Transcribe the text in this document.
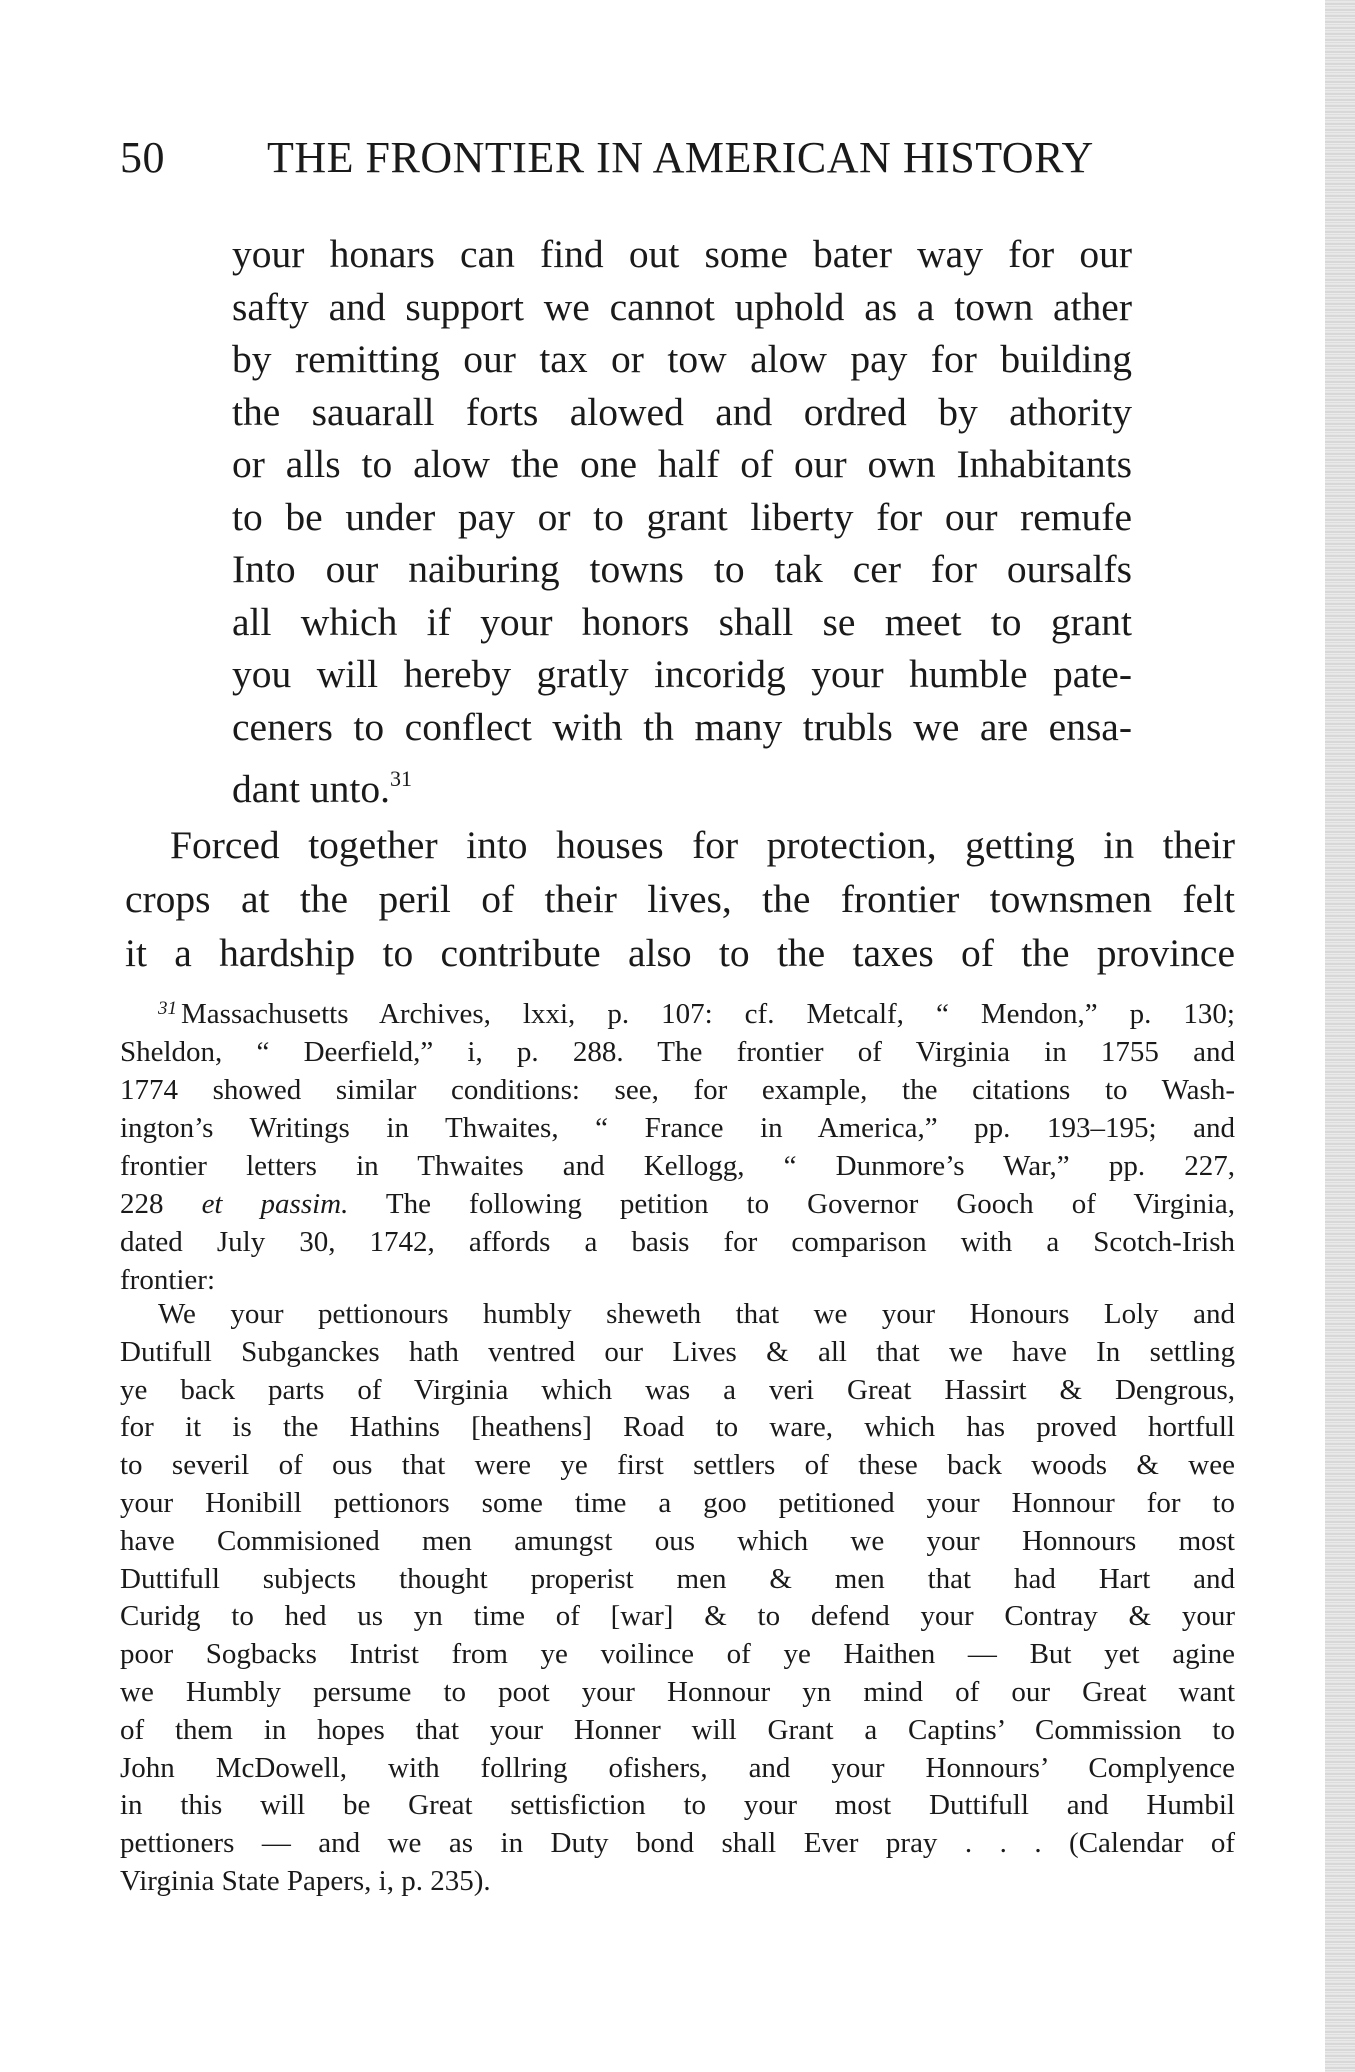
50 THE FRONTIER IN AMERICAN HISTORY
your honars can find out some bater way for our
safty and support we cannot uphold as a town ather
by remitting our tax or tow alow pay for building
the sauarall forts alowed and ordred by athority
or alls to alow the one half of our own Inhabitants
to be under pay or to grant liberty for our remufe
Into our naiburing towns to tak cer for oursalfs
all which if your honors shall se meet to grant
you will hereby gratly incoridg your humble pate-
ceners to conflect with th many trubls we are ensa-
dant unto.$^{31}$
Forced together into houses for protection, getting in their
crops at the peril of their lives, the frontier townsmen felt
it a hardship to contribute also to the taxes of the province
$^{31}$ Massachusetts Archives, lxxi, p. 107: cf. Metcalf, “ Mendon,” p. 130;
Sheldon, “ Deerfield,” i, p. 288. The frontier of Virginia in 1755 and
1774 showed similar conditions: see, for example, the citations to Wash-
ington’s Writings in Thwaites, “ France in America,” pp. 193–195; and
frontier letters in Thwaites and Kellogg, “ Dunmore’s War,” pp. 227,
228 et passim. The following petition to Governor Gooch of Virginia,
dated July 30, 1742, affords a basis for comparison with a Scotch-Irish
frontier:
We your pettionours humbly sheweth that we your Honours Loly and
Dutifull Subganckes hath ventred our Lives & all that we have In settling
ye back parts of Virginia which was a veri Great Hassirt & Dengrous,
for it is the Hathins [heathens] Road to ware, which has proved hortfull
to severil of ous that were ye first settlers of these back woods & wee
your Honibill pettionors some time a goo petitioned your Honnour for to
have Commisioned men amungst ous which we your Honnours most
Duttifull subjects thought properist men & men that had Hart and
Curidg to hed us yn time of [war] & to defend your Contray & your
poor Sogbacks Intrist from ye voilince of ye Haithen — But yet agine
we Humbly persume to poot your Honnour yn mind of our Great want
of them in hopes that your Honner will Grant a Captins’ Commission to
John McDowell, with follring ofishers, and your Honnours’ Complyence
in this will be Great settisfiction to your most Duttifull and Humbil
pettioners — and we as in Duty bond shall Ever pray . . . (Calendar of
Virginia State Papers, i, p. 235).
